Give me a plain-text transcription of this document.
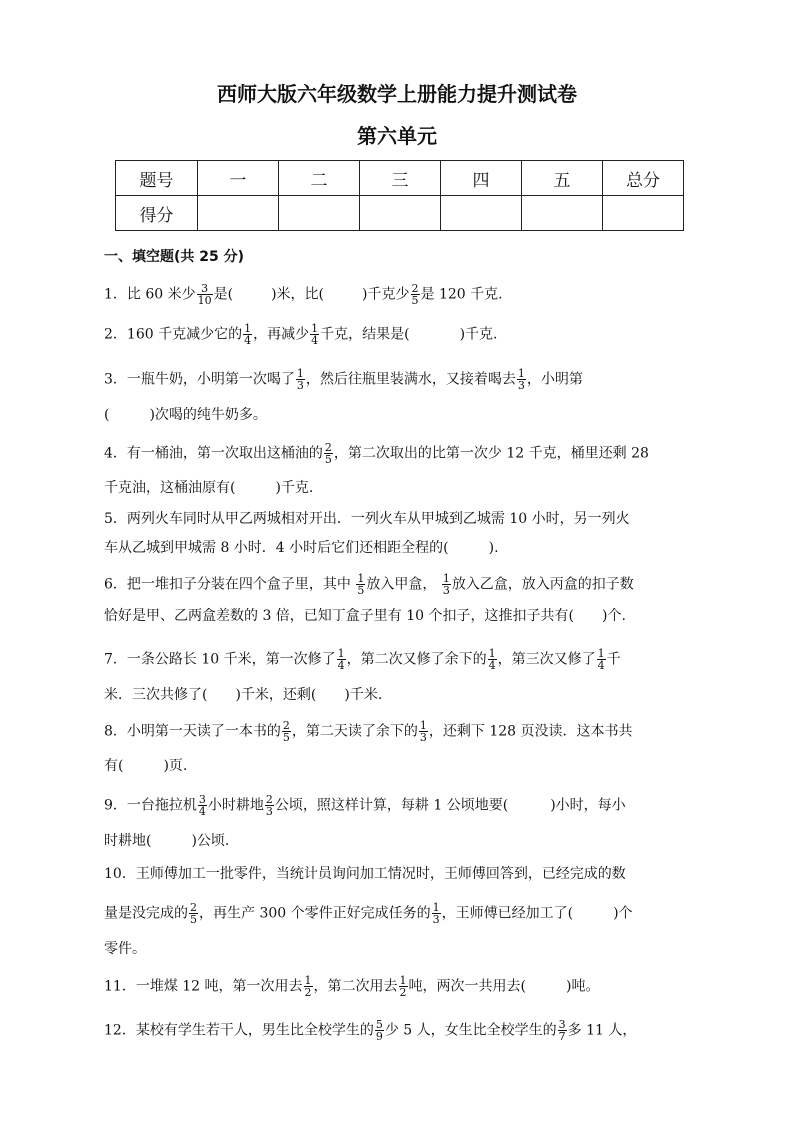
西师大版六年级数学上册能力提升测试卷
第六单元
题号	一	二	三	四	五	总分
得分						
一、填空题(共 25 分)
1．比 60 米少 $\frac{3}{10}$ 是(	)米，比(	)千克少 $\frac{2}{5}$ 是 120 千克.
2．160 千克减少它的 $\frac{1}{4}$ ，再减少 $\frac{1}{4}$ 千克，结果是(	)千克.
3．一瓶牛奶，小明第一次喝了 $\frac{1}{3}$ ，然后往瓶里装满水，又接着喝去 $\frac{1}{3}$ ，小明第
(	)次喝的纯牛奶多。
4．有一桶油，第一次取出这桶油的 $\frac{2}{5}$ ，第二次取出的比第一次少 12 千克，桶里还剩 28
千克油，这桶油原有(	)千克.
5．两列火车同时从甲乙两城相对开出．一列火车从甲城到乙城需 10 小时，另一列火
车从乙城到甲城需 8 小时．4 小时后它们还相距全程的(	).
6．把一堆扣子分装在四个盒子里，其中 $\frac{1}{5}$ 放入甲盒， $\frac{1}{3}$ 放入乙盒，放入丙盒的扣子数
恰好是甲、乙两盒差数的 3 倍，已知丁盒子里有 10 个扣子，这推扣子共有( )个.
7．一条公路长 10 千米，第一次修了 $\frac{1}{4}$ ，第二次又修了余下的 $\frac{1}{4}$ ，第三次又修了 $\frac{1}{4}$ 千
米．三次共修了( )千米，还剩( )千米.
8．小明第一天读了一本书的 $\frac{2}{5}$ ，第二天读了余下的 $\frac{1}{3}$ ，还剩下 128 页没读．这本书共
有(	)页.
9．一台拖拉机 $\frac{3}{4}$ 小时耕地 $\frac{2}{3}$ 公顷，照这样计算，每耕 1 公顷地要(	)小时，每小
时耕地(	)公顷.
10．王师傅加工一批零件，当统计员询问加工情况时，王师傅回答到，已经完成的数
量是没完成的 $\frac{2}{5}$ ，再生产 300 个零件正好完成任务的 $\frac{1}{3}$ ，王师傅已经加工了(	)个
零件。
11．一堆煤 12 吨，第一次用去 $\frac{1}{2}$ ，第二次用去 $\frac{1}{2}$ 吨，两次一共用去(	)吨。
12．某校有学生若干人，男生比全校学生的 $\frac{5}{9}$ 少 5 人，女生比全校学生的 $\frac{3}{7}$ 多 11 人，
